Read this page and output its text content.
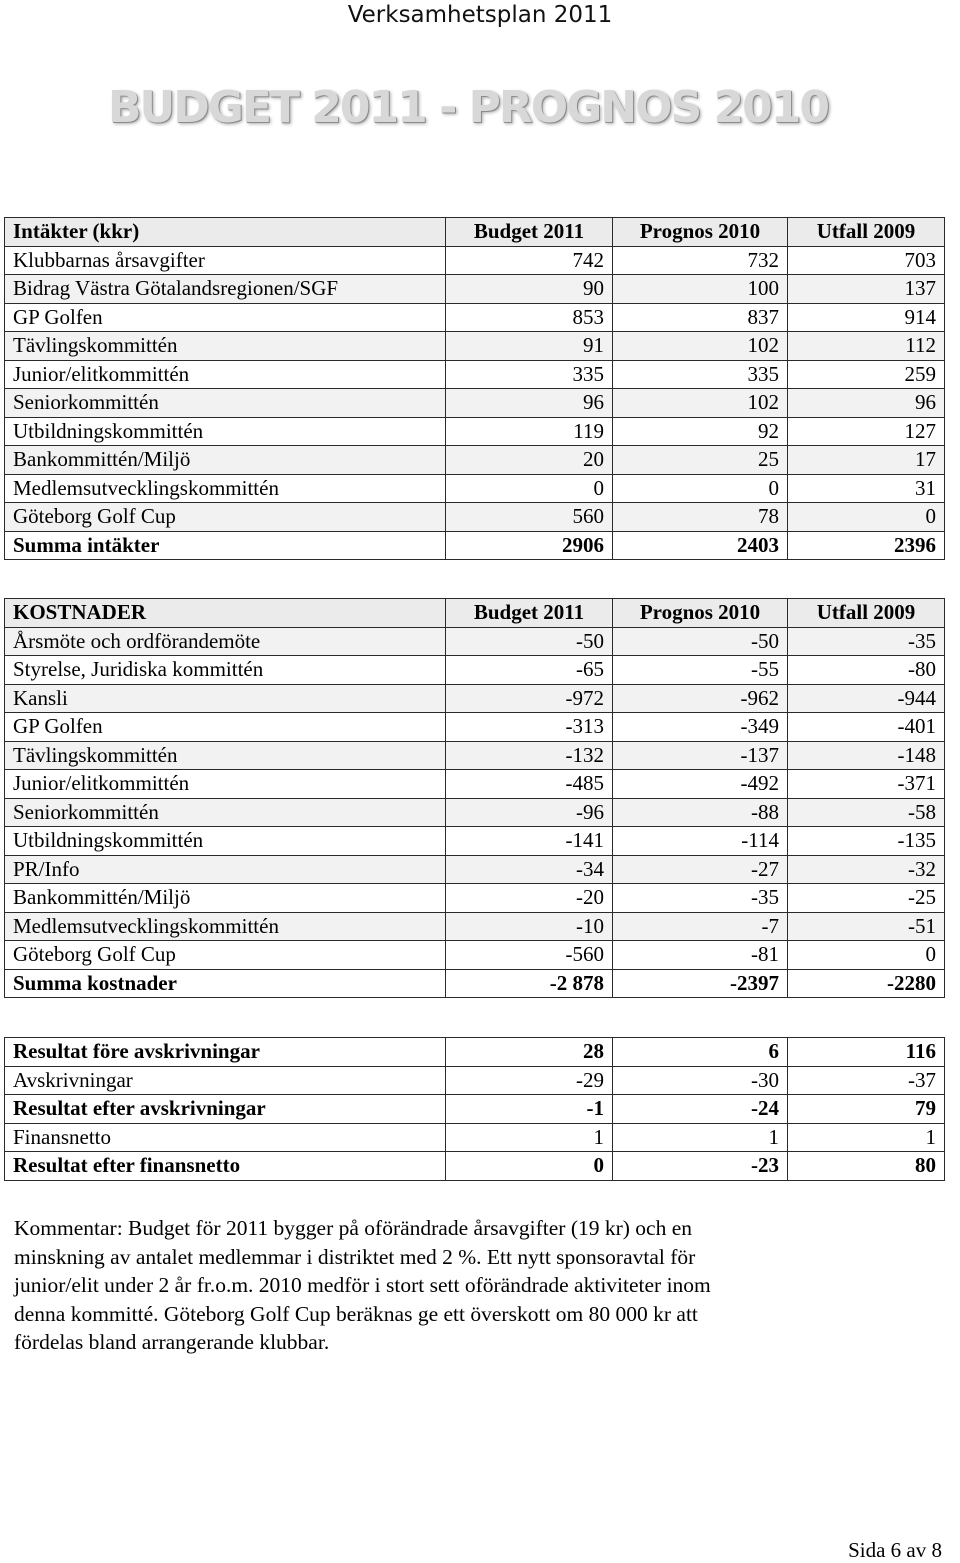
Verksamhetsplan 2011
BUDGET 2011 - PROGNOS 2010
Intäkter (kkr)	Budget 2011	Prognos 2010	Utfall 2009
Klubbarnas årsavgifter	742	732	703
Bidrag Västra Götalandsregionen/SGF	90	100	137
GP Golfen	853	837	914
Tävlingskommittén	91	102	112
Junior/elitkommittén	335	335	259
Seniorkommittén	96	102	96
Utbildningskommittén	119	92	127
Bankommittén/Miljö	20	25	17
Medlemsutvecklingskommittén	0	0	31
Göteborg Golf Cup	560	78	0
Summa intäkter	2906	2403	2396
KOSTNADER	Budget 2011	Prognos 2010	Utfall 2009
Årsmöte och ordförandemöte	-50	-50	-35
Styrelse, Juridiska kommittén	-65	-55	-80
Kansli	-972	-962	-944
GP Golfen	-313	-349	-401
Tävlingskommittén	-132	-137	-148
Junior/elitkommittén	-485	-492	-371
Seniorkommittén	-96	-88	-58
Utbildningskommittén	-141	-114	-135
PR/Info	-34	-27	-32
Bankommittén/Miljö	-20	-35	-25
Medlemsutvecklingskommittén	-10	-7	-51
Göteborg Golf Cup	-560	-81	0
Summa kostnader	-2 878	-2397	-2280
Resultat före avskrivningar	28	6	116
Avskrivningar	-29	-30	-37
Resultat efter avskrivningar	-1	-24	79
Finansnetto	1	1	1
Resultat efter finansnetto	0	-23	80
Kommentar: Budget för 2011 bygger på oförändrade årsavgifter (19 kr) och en
minskning av antalet medlemmar i distriktet med 2 %. Ett nytt sponsoravtal för
junior/elit under 2 år fr.o.m. 2010 medför i stort sett oförändrade aktiviteter inom
denna kommitté. Göteborg Golf Cup beräknas ge ett överskott om 80 000 kr att
fördelas bland arrangerande klubbar.
Sida 6 av 8
